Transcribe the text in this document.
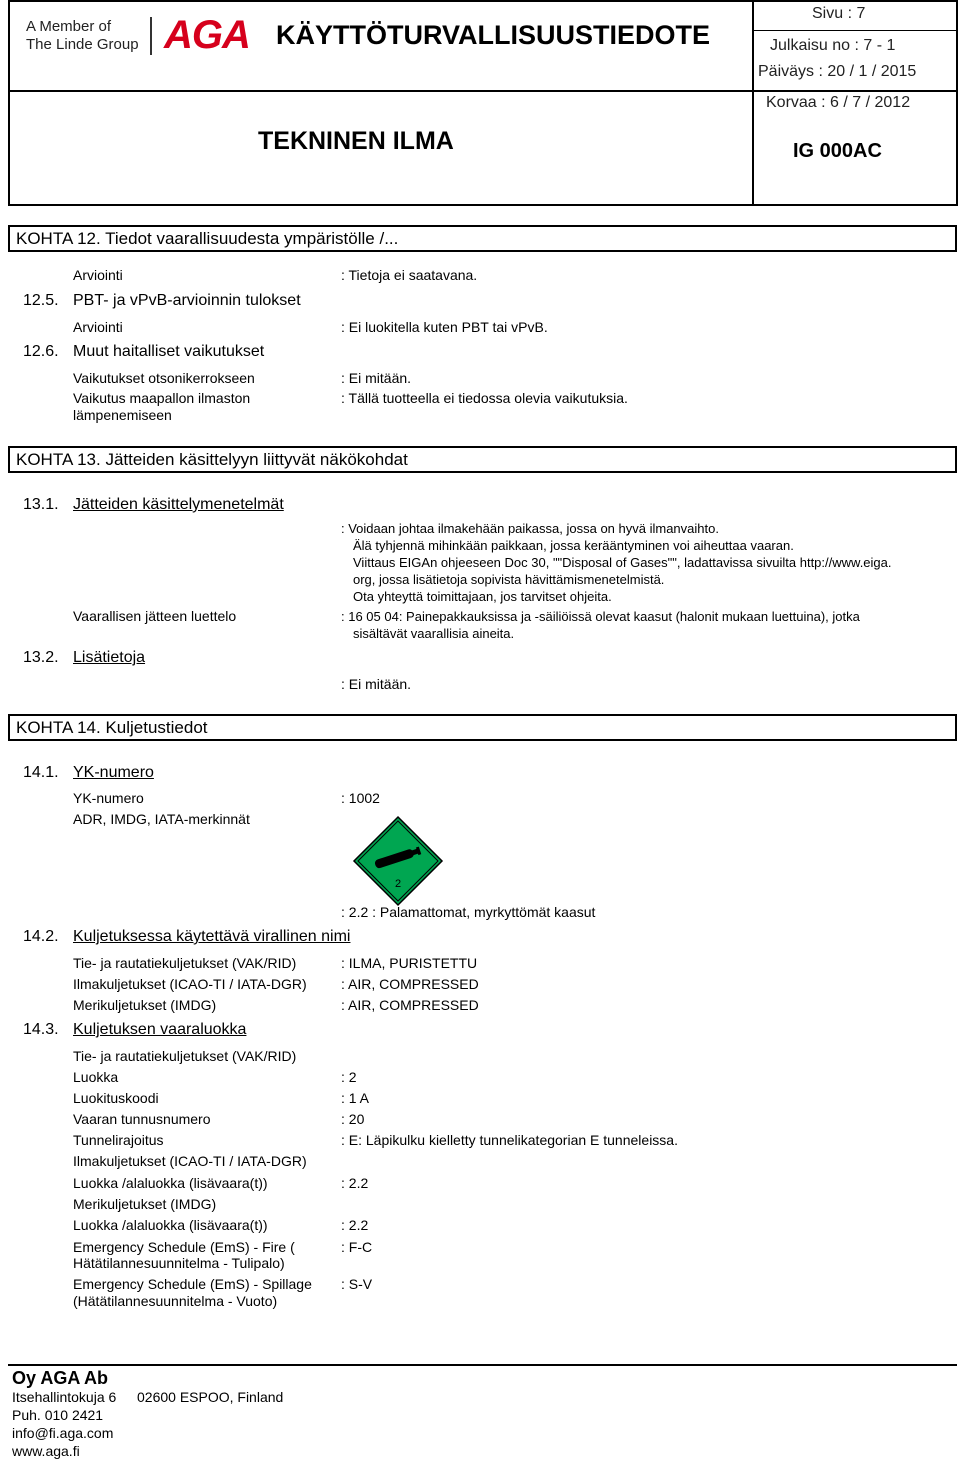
A Member of
The Linde Group AGA KÄYTTÖTURVALLISUUSTIEDOTE
Sivu : 7
Julkaisu no : 7 - 1
Päiväys : 20 / 1 / 2015
Korvaa : 6 / 7 / 2012
TEKNINEN ILMA	IG 000AC
KOHTA 12. Tiedot vaarallisuudesta ympäristölle /...
Arviointi	: Tietoja ei saatavana.
12.5. PBT- ja vPvB-arvioinnin tulokset
Arviointi	: Ei luokitella kuten PBT tai vPvB.
12.6. Muut haitalliset vaikutukset
Vaikutukset otsonikerrokseen	: Ei mitään.
Vaikutus maapallon ilmaston
lämpenemiseen
: Tällä tuotteella ei tiedossa olevia vaikutuksia.
KOHTA 13. Jätteiden käsittelyyn liittyvät näkökohdat
13.1. Jätteiden käsittelymenetelmät
: Voidaan johtaa ilmakehään paikassa, jossa on hyvä ilmanvaihto.
Älä tyhjennä mihinkään paikkaan, jossa kerääntyminen voi aiheuttaa vaaran.
Viittaus EIGAn ohjeeseen Doc 30, ""Disposal of Gases"", ladattavissa sivuilta http://www.eiga.
org, jossa lisätietoja sopivista hävittämismenetelmistä.
Ota yhteyttä toimittajaan, jos tarvitset ohjeita.
Vaarallisen jätteen luettelo	: 16 05 04: Painepakkauksissa ja -säiliöissä olevat kaasut (halonit mukaan luettuina), jotka
sisältävät vaarallisia aineita.
13.2. Lisätietoja
: Ei mitään.
KOHTA 14. Kuljetustiedot
14.1. YK-numero
YK-numero	: 1002
ADR, IMDG, IATA-merkinnät
2
: 2.2 : Palamattomat, myrkyttömät kaasut
14.2. Kuljetuksessa käytettävä virallinen nimi
Tie- ja rautatiekuljetukset (VAK/RID)	: ILMA, PURISTETTU
Ilmakuljetukset (ICAO-TI / IATA-DGR) : AIR, COMPRESSED
Merikuljetukset (IMDG)	: AIR, COMPRESSED
14.3. Kuljetuksen vaaraluokka
Tie- ja rautatiekuljetukset (VAK/RID)
Luokka	: 2
Luokituskoodi	: 1 A
Vaaran tunnusnumero	: 20
Tunnelirajoitus	: E: Läpikulku kielletty tunnelikategorian E tunneleissa.
Ilmakuljetukset (ICAO-TI / IATA-DGR)
Luokka /alaluokka (lisävaara(t))	: 2.2
Merikuljetukset (IMDG)
Luokka /alaluokka (lisävaara(t))	: 2.2
Emergency Schedule (EmS) - Fire (
Hätätilannesuunnitelma - Tulipalo)
: F-C
Emergency Schedule (EmS) - Spillage
(Hätätilannesuunnitelma - Vuoto)
: S-V
Oy AGA Ab
Itsehallintokuja 6 02600 ESPOO, Finland
Puh. 010 2421
info@fi.aga.com
www.aga.fi
